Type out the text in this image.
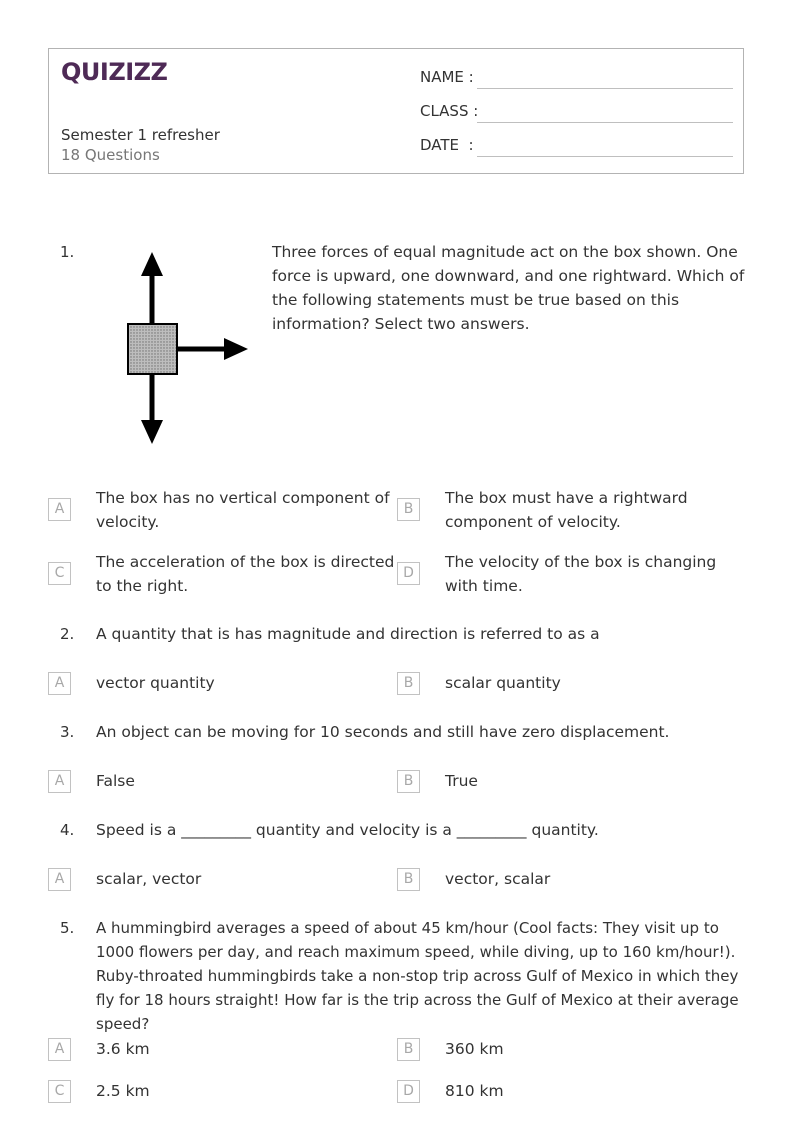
QUIZIZZ
Semester 1 refresher
18 Questions
NAME :
CLASS :
DATE  :
1.	Three forces of equal magnitude act on the box shown. One force is upward, one downward, and one rightward. Which of the following statements must be true based on this information? Select two answers.
A
The box has no vertical component of velocity.
B
The box must have a rightward component of velocity.
C
The acceleration of the box is directed to the right.
D
The velocity of the box is changing with time.
2. A quantity that is has magnitude and direction is referred to as a
A	vector quantity	B	scalar quantity
3. An object can be moving for 10 seconds and still have zero displacement.
A	False	B	True
4. Speed is a _________ quantity and velocity is a _________ quantity.
A	scalar, vector	B	vector, scalar
5. A hummingbird averages a speed of about 45 km/hour (Cool facts: They visit up to 1000 flowers per day, and reach maximum speed, while diving, up to 160 km/hour!). Ruby-throated hummingbirds take a non-stop trip across Gulf of Mexico in which they fly for 18 hours straight! How far is the trip across the Gulf of Mexico at their average speed?
A	3.6 km	B	360 km
C	2.5 km	D	810 km
